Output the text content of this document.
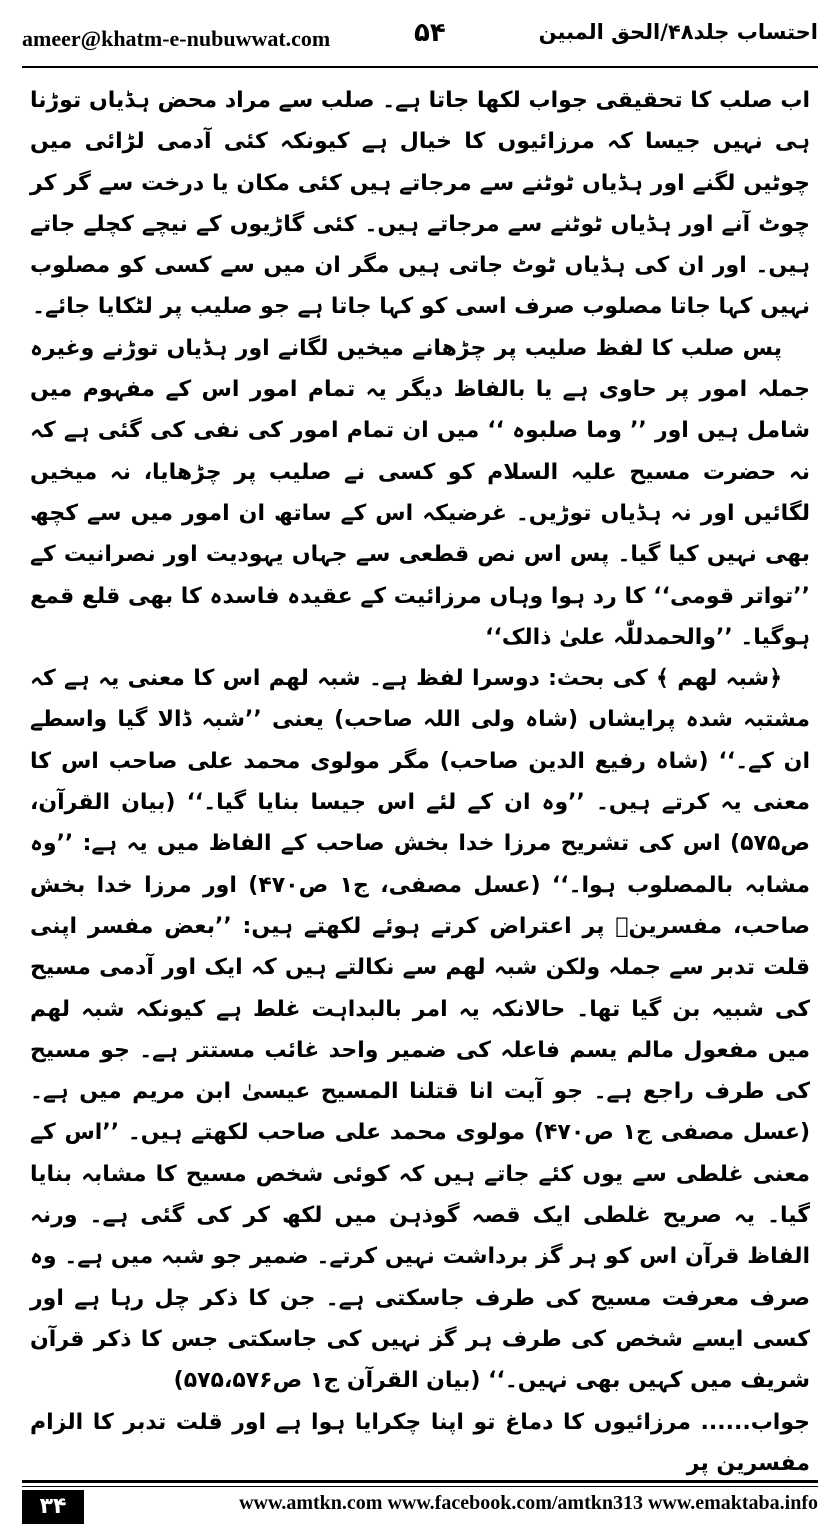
ameer@khatm-e-nubuwwat.com	۵۴	احتساب جلد۴۸/الحق المبین

اب صلب کا تحقیقی جواب لکھا جاتا ہے۔ صلب سے مراد محض ہڈیاں توڑنا ہی نہیں جیسا کہ مرزائیوں کا خیال ہے کیونکہ کئی آدمی لڑائی میں چوٹیں لگنے اور ہڈیاں ٹوٹنے سے مرجاتے ہیں کئی مکان یا درخت سے گر کر چوٹ آنے اور ہڈیاں ٹوٹنے سے مرجاتے ہیں۔ کئی گاڑیوں کے نیچے کچلے جاتے ہیں۔ اور ان کی ہڈیاں ٹوٹ جاتی ہیں مگر ان میں سے کسی کو مصلوب نہیں کہا جاتا مصلوب صرف اسی کو کہا جاتا ہے جو صلیب پر لٹکایا جائے۔

پس صلب کا لفظ صلیب پر چڑھانے میخیں لگانے اور ہڈیاں توڑنے وغیرہ جملہ امور پر حاوی ہے یا بالفاظ دیگر یہ تمام امور اس کے مفہوم میں شامل ہیں اور ’’ وما صلبوہ ‘‘ میں ان تمام امور کی نفی کی گئی ہے کہ نہ حضرت مسیح علیہ السلام کو کسی نے صلیب پر چڑھایا، نہ میخیں لگائیں اور نہ ہڈیاں توڑیں۔ غرضیکہ اس کے ساتھ ان امور میں سے کچھ بھی نہیں کیا گیا۔ پس اس نص قطعی سے جہاں یہودیت اور نصرانیت کے ’’تواتر قومی‘‘ کا رد ہوا وہاں مرزائیت کے عقیدہ فاسدہ کا بھی قلع قمع ہوگیا۔ ’’والحمدللّٰہ علیٰ ذالک‘‘

﴿شبہ لهم ﴾ کی بحث: دوسرا لفظ ہے۔ شبہ لهم اس کا معنی یہ ہے کہ مشتبہ شدہ پرایشاں (شاہ ولی اللہ صاحب) یعنی ’’شبہ ڈالا گیا واسطے ان کے۔‘‘ (شاہ رفیع الدین صاحب) مگر مولوی محمد علی صاحب اس کا معنی یہ کرتے ہیں۔ ’’وہ ان کے لئے اس جیسا بنایا گیا۔‘‘ (بیان القرآن، ص۵۷۵) اس کی تشریح مرزا خدا بخش صاحب کے الفاظ میں یہ ہے: ’’وہ مشابہ بالمصلوب ہوا۔‘‘ (عسل مصفی، ج۱ ص۴۷۰) اور مرزا خدا بخش صاحب، مفسرینؒ پر اعتراض کرتے ہوئے لکھتے ہیں: ’’بعض مفسر اپنی قلت تدبر سے جملہ ولکن شبہ لهم سے نکالتے ہیں کہ ایک اور آدمی مسیح کی شبیہ بن گیا تھا۔ حالانکہ یہ امر بالبداہت غلط ہے کیونکہ شبہ لهم میں مفعول مالم یسم فاعلہ کی ضمیر واحد غائب مستتر ہے۔ جو مسیح کی طرف راجع ہے۔ جو آیت انا قتلنا المسیح عیسیٰ ابن مریم میں ہے۔ (عسل مصفی ج۱ ص۴۷۰) مولوی محمد علی صاحب لکھتے ہیں۔ ’’اس کے معنی غلطی سے یوں کئے جاتے ہیں کہ کوئی شخص مسیح کا مشابہ بنایا گیا۔ یہ صریح غلطی ایک قصہ گوذہن میں لکھ کر کی گئی ہے۔ ورنہ الفاظ قرآن اس کو ہر گز برداشت نہیں کرتے۔ ضمیر جو شبہ میں ہے۔ وہ صرف معرفت مسیح کی طرف جاسکتی ہے۔ جن کا ذکر چل رہا ہے اور کسی ایسے شخص کی طرف ہر گز نہیں کی جاسکتی جس کا ذکر قرآن شریف میں کہیں بھی نہیں۔‘‘ (بیان القرآن ج۱ ص۵۷۵،۵۷۶)

جواب...... مرزائیوں کا دماغ تو اپنا چکرایا ہوا ہے اور قلت تدبر کا الزام مفسرین پر

۳۴	www.amtkn.com www.facebook.com/amtkn313 www.emaktaba.info
